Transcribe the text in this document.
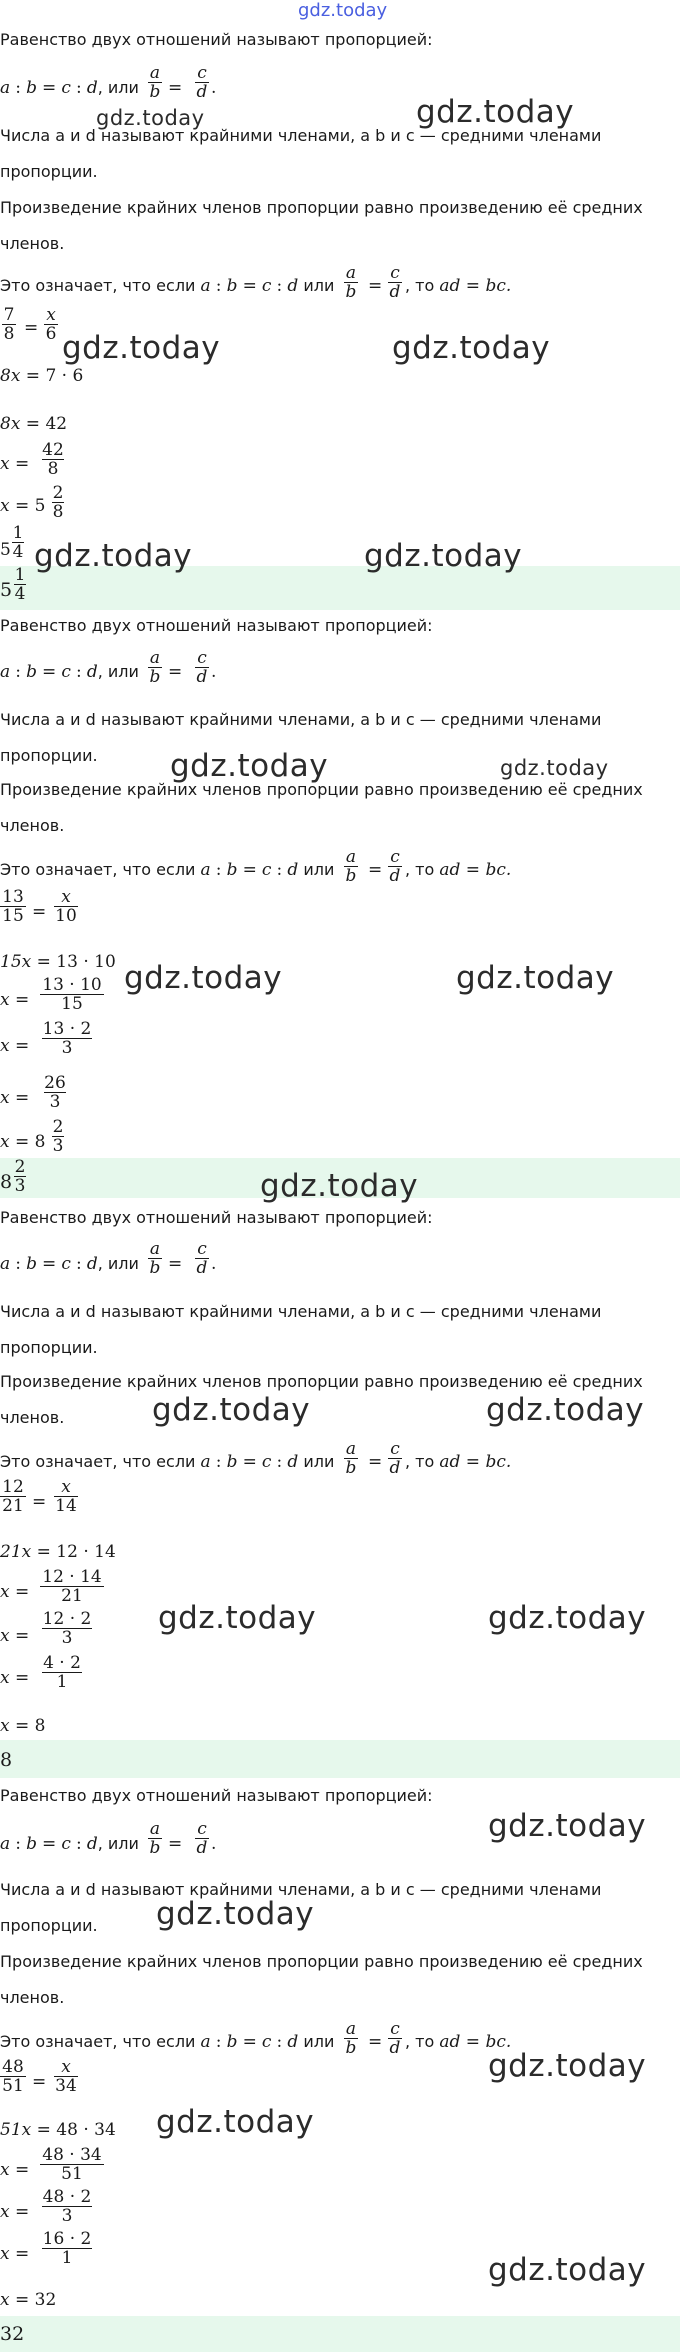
gdz.today
Равенство двух отношений называют пропорцией:
a : b = c : d, или $\frac{a}{b} = \frac{c}{d}$ .
Числа a и d называют крайними членами, а b и c — средними членами
пропорции.
Произведение крайних членов пропорции равно произведению её средних
членов.
Это означает, что если a : b = c : d или $\frac{a}{b} = \frac{c}{d}$ , то ad = bc.
$\frac{7}{8} = \frac{x}{6}$
8x = 7 · 6
8x = 42
$x = \frac{42}{8}$
$x = 5 \frac{2}{8}$
$5 \frac{1}{4}$
$5 \frac{1}{4}$
Равенство двух отношений называют пропорцией:
a : b = c : d, или $\frac{a}{b} = \frac{c}{d}$ .
Числа a и d называют крайними членами, а b и c — средними членами
пропорции.
Произведение крайних членов пропорции равно произведению её средних
членов.
Это означает, что если a : b = c : d или $\frac{a}{b} = \frac{c}{d}$ , то ad = bc.
$\frac{13}{15} = \frac{x}{10}$
15x = 13 · 10
$x = \frac{13 \cdot 10}{15}$
$x = \frac{13 \cdot 2}{3}$
$x = \frac{26}{3}$
$x = 8 \frac{2}{3}$
$8 \frac{2}{3}$
Равенство двух отношений называют пропорцией:
a : b = c : d, или $\frac{a}{b} = \frac{c}{d}$ .
Числа a и d называют крайними членами, а b и c — средними членами
пропорции.
Произведение крайних членов пропорции равно произведению её средних
членов.
Это означает, что если a : b = c : d или $\frac{a}{b} = \frac{c}{d}$ , то ad = bc.
$\frac{12}{21} = \frac{x}{14}$
21x = 12 · 14
$x = \frac{12 \cdot 14}{21}$
$x = \frac{12 \cdot 2}{3}$
$x = \frac{4 \cdot 2}{1}$
x = 8
8
Равенство двух отношений называют пропорцией:
a : b = c : d, или $\frac{a}{b} = \frac{c}{d}$ .
Числа a и d называют крайними членами, а b и c — средними членами
пропорции.
Произведение крайних членов пропорции равно произведению её средних
членов.
Это означает, что если a : b = c : d или $\frac{a}{b} = \frac{c}{d}$ , то ad = bc.
$\frac{48}{51} = \frac{x}{34}$
51x = 48 · 34
$x = \frac{48 \cdot 34}{51}$
$x = \frac{48 \cdot 2}{3}$
$x = \frac{16 \cdot 2}{1}$
x = 32
32
gdz.today	gdz.today
gdz.today	gdz.today
gdz.today	gdz.today
gdz.today	gdz.today
gdz.today	gdz.today
gdz.today
gdz.today	gdz.today
gdz.today	gdz.today
gdz.today
gdz.today
gdz.today
gdz.today
gdz.today
